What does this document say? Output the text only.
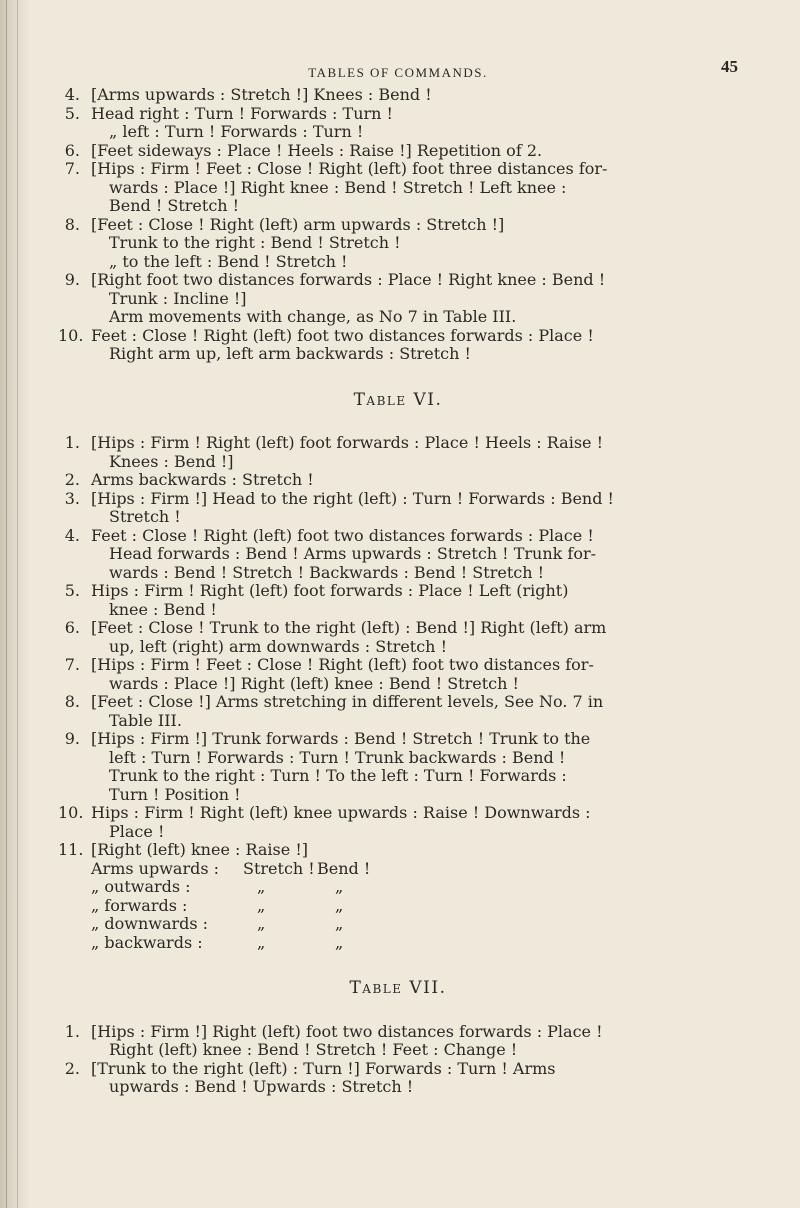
TABLES OF COMMANDS.	45
4. [Arms upwards : Stretch !] Knees : Bend !
5. Head right : Turn ! Forwards : Turn !
„ left : Turn ! Forwards : Turn !
6. [Feet sideways : Place ! Heels : Raise !] Repetition of 2.
7. [Hips : Firm ! Feet : Close ! Right (left) foot three distances for-
wards : Place !] Right knee : Bend ! Stretch ! Left knee :
Bend ! Stretch !
8. [Feet : Close ! Right (left) arm upwards : Stretch !]
Trunk to the right : Bend ! Stretch !
„ to the left : Bend ! Stretch !
9. [Right foot two distances forwards : Place ! Right knee : Bend !
Trunk : Incline !]
Arm movements with change, as No 7 in Table III.
10. Feet : Close ! Right (left) foot two distances forwards : Place !
Right arm up, left arm backwards : Stretch !
Table VI.
1. [Hips : Firm ! Right (left) foot forwards : Place ! Heels : Raise !
Knees : Bend !]
2. Arms backwards : Stretch !
3. [Hips : Firm !] Head to the right (left) : Turn ! Forwards : Bend !
Stretch !
4. Feet : Close ! Right (left) foot two distances forwards : Place !
Head forwards : Bend ! Arms upwards : Stretch ! Trunk for-
wards : Bend ! Stretch ! Backwards : Bend ! Stretch !
5. Hips : Firm ! Right (left) foot forwards : Place ! Left (right)
knee : Bend !
6. [Feet : Close ! Trunk to the right (left) : Bend !] Right (left) arm
up, left (right) arm downwards : Stretch !
7. [Hips : Firm ! Feet : Close ! Right (left) foot two distances for-
wards : Place !] Right (left) knee : Bend ! Stretch !
8. [Feet : Close !] Arms stretching in different levels, See No. 7 in
Table III.
9. [Hips : Firm !] Trunk forwards : Bend ! Stretch ! Trunk to the
left : Turn ! Forwards : Turn ! Trunk backwards : Bend !
Trunk to the right : Turn ! To the left : Turn ! Forwards :
Turn ! Position !
10. Hips : Firm ! Right (left) knee upwards : Raise ! Downwards :
Place !
11. [Right (left) knee : Raise !]
Arms upwards :	Stretch ! Bend !
„ outwards :	„	„
„ forwards :	„	„
„ downwards :	„	„
„ backwards :	„	„
Table VII.
1. [Hips : Firm !] Right (left) foot two distances forwards : Place !
Right (left) knee : Bend ! Stretch ! Feet : Change !
2. [Trunk to the right (left) : Turn !] Forwards : Turn ! Arms
upwards : Bend ! Upwards : Stretch !
